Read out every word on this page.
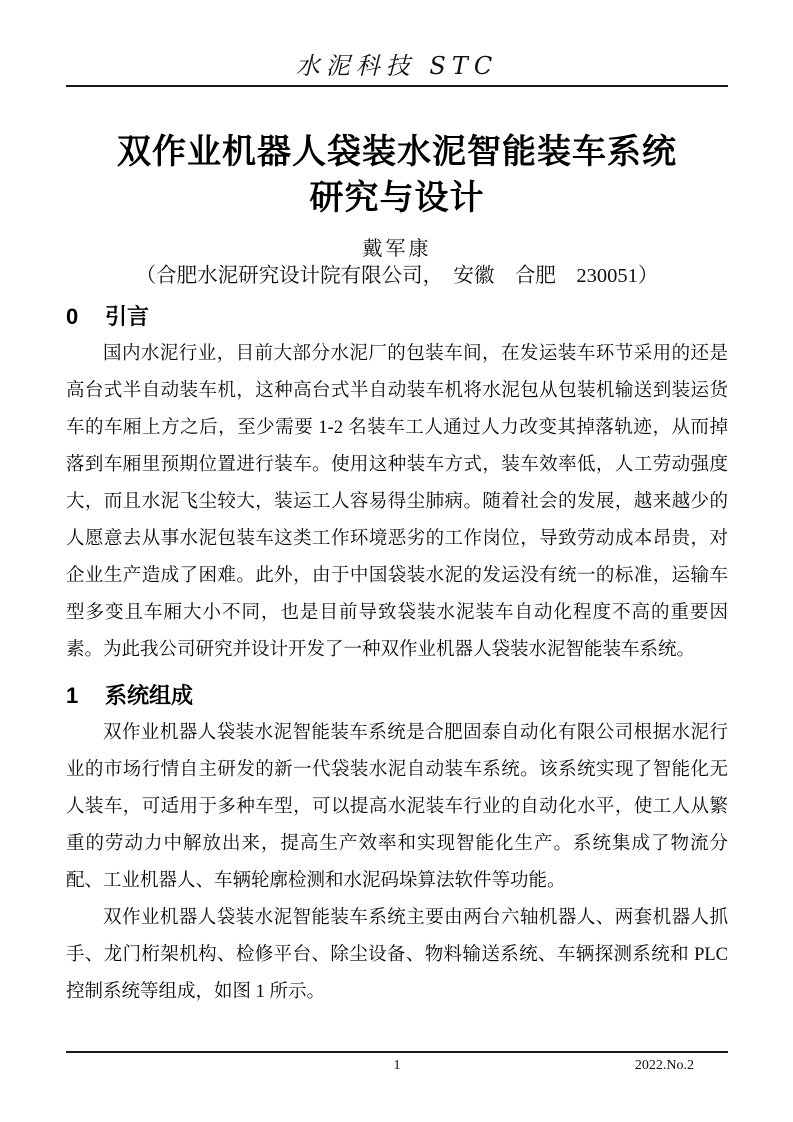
水泥科技 STC
双作业机器人袋装水泥智能装车系统
研究与设计
戴军康
（合肥水泥研究设计院有限公司，　安徽　合肥　230051）
0 引言

国内水泥行业，目前大部分水泥厂的包装车间，在发运装车环节采用的还是高台式半自动装车机，这种高台式半自动装车机将水泥包从包装机输送到装运货车的车厢上方之后，至少需要 1-2 名装车工人通过人力改变其掉落轨迹，从而掉落到车厢里预期位置进行装车。使用这种装车方式，装车效率低，人工劳动强度大，而且水泥飞尘较大，装运工人容易得尘肺病。随着社会的发展，越来越少的人愿意去从事水泥包装车这类工作环境恶劣的工作岗位，导致劳动成本昂贵，对企业生产造成了困难。此外，由于中国袋装水泥的发运没有统一的标准，运输车型多变且车厢大小不同，也是目前导致袋装水泥装车自动化程度不高的重要因素。为此我公司研究并设计开发了一种双作业机器人袋装水泥智能装车系统。

1 系统组成

双作业机器人袋装水泥智能装车系统是合肥固泰自动化有限公司根据水泥行业的市场行情自主研发的新一代袋装水泥自动装车系统。该系统实现了智能化无人装车，可适用于多种车型，可以提高水泥装车行业的自动化水平，使工人从繁重的劳动力中解放出来，提高生产效率和实现智能化生产。系统集成了物流分配、工业机器人、车辆轮廓检测和水泥码垛算法软件等功能。

双作业机器人袋装水泥智能装车系统主要由两台六轴机器人、两套机器人抓手、龙门桁架机构、检修平台、除尘设备、物料输送系统、车辆探测系统和 PLC 控制系统等组成，如图 1 所示。

1	2022.No.2
